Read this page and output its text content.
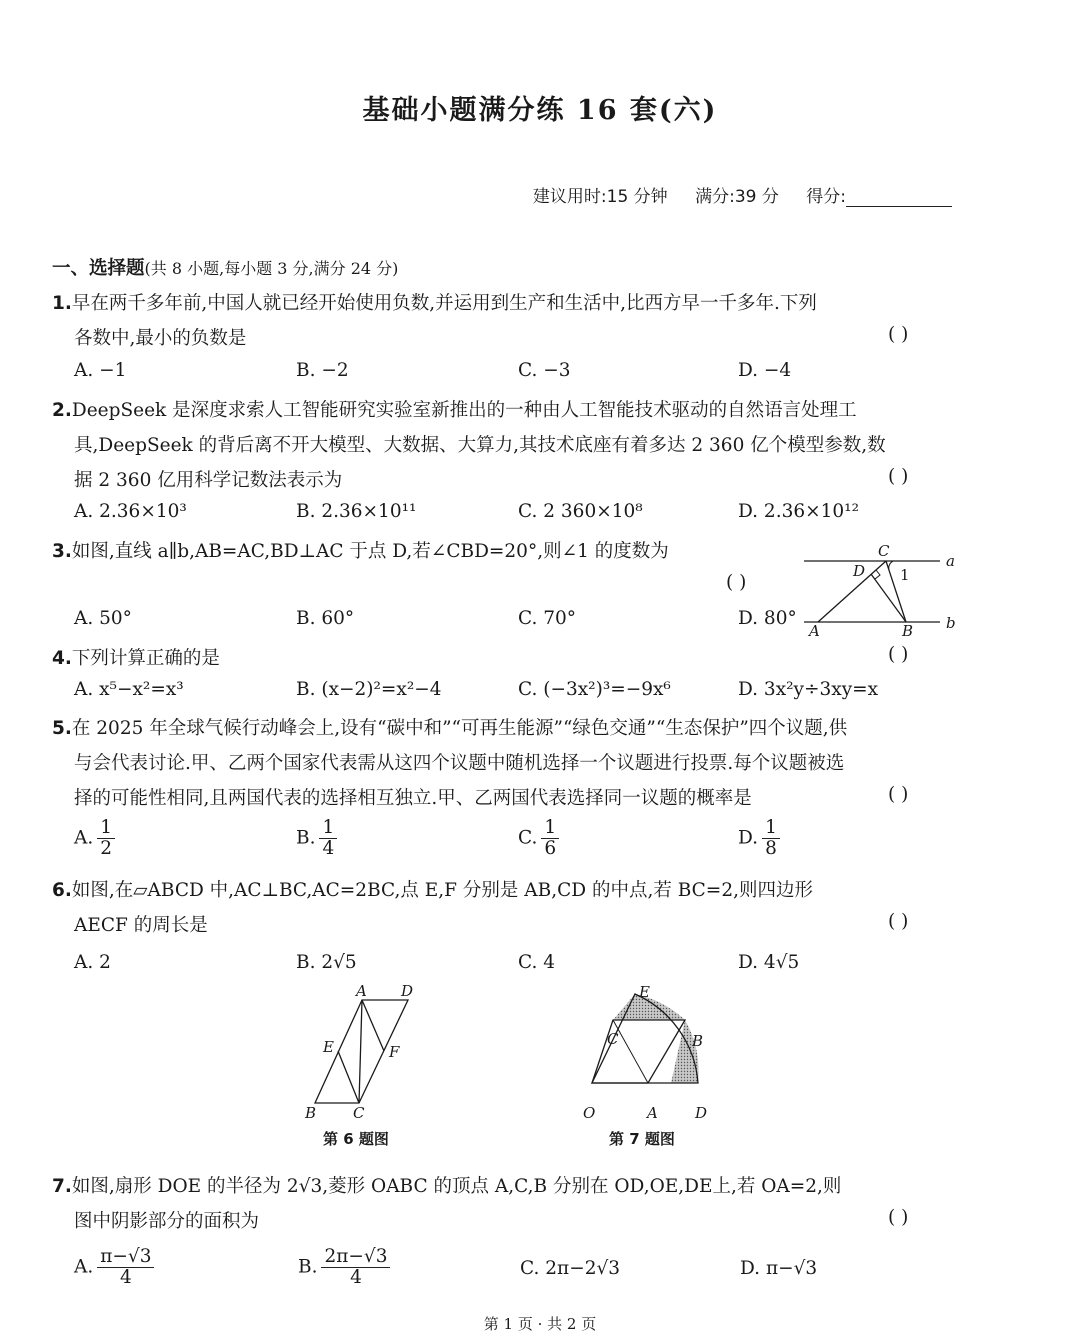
基础小题满分练 16 套(六)
建议用时:15 分钟 满分:39 分 得分:
一、选择题(共 8 小题,每小题 3 分,满分 24 分)
1.早在两千多年前,中国人就已经开始使用负数,并运用到生产和生活中,比西方早一千多年.下列
各数中,最小的负数是	( )
A. −1	B. −2	C. −3	D. −4
2.DeepSeek 是深度求索人工智能研究实验室新推出的一种由人工智能技术驱动的自然语言处理工
具,DeepSeek 的背后离不开大模型、大数据、大算力,其技术底座有着多达 2 360 亿个模型参数,数
据 2 360 亿用科学记数法表示为	( )
A. 2.36×10³	B. 2.36×10¹¹	C. 2 360×10⁸	D. 2.36×10¹²
3.如图,直线 a∥b,AB=AC,BD⊥AC 于点 D,若∠CBD=20°,则∠1 的度数为
( )
A. 50°	B. 60°	C. 70°	D. 80°
C
a
D 1
A	B b
4.下列计算正确的是	( )
A. x⁵−x²=x³	B. (x−2)²=x²−4	C. (−3x²)³=−9x⁶	D. 3x²y÷3xy=x
5.在 2025 年全球气候行动峰会上,设有“碳中和”“可再生能源”“绿色交通”“生态保护”四个议题,供
与会代表讨论.甲、乙两个国家代表需从这四个议题中随机选择一个议题进行投票.每个议题被选
择的可能性相同,且两国代表的选择相互独立.甲、乙两国代表选择同一议题的概率是	( )
A. $\frac{1}{2}$	B. $\frac{1}{4}$	C. $\frac{1}{6}$	D. $\frac{1}{8}$
6.如图,在▱ABCD 中,AC⊥BC,AC=2BC,点 E,F 分别是 AB,CD 的中点,若 BC=2,则四边形
AECF 的周长是	( )
A. 2	B. 2√5	C. 4	D. 4√5
A D
E	F
B C
第 6 题图
E
C	B
O	A D
第 7 题图
7.如图,扇形 DOE 的半径为 2√3,菱形 OABC 的顶点 A,C,B 分别在 OD,OE,DE上,若 OA=2,则
图中阴影部分的面积为	( )
A. $\frac{\pi-√3}{4}$	B. $\frac{2\pi-√3}{4}$	C. 2π−2√3	D. π−√3
第 1 页 · 共 2 页
